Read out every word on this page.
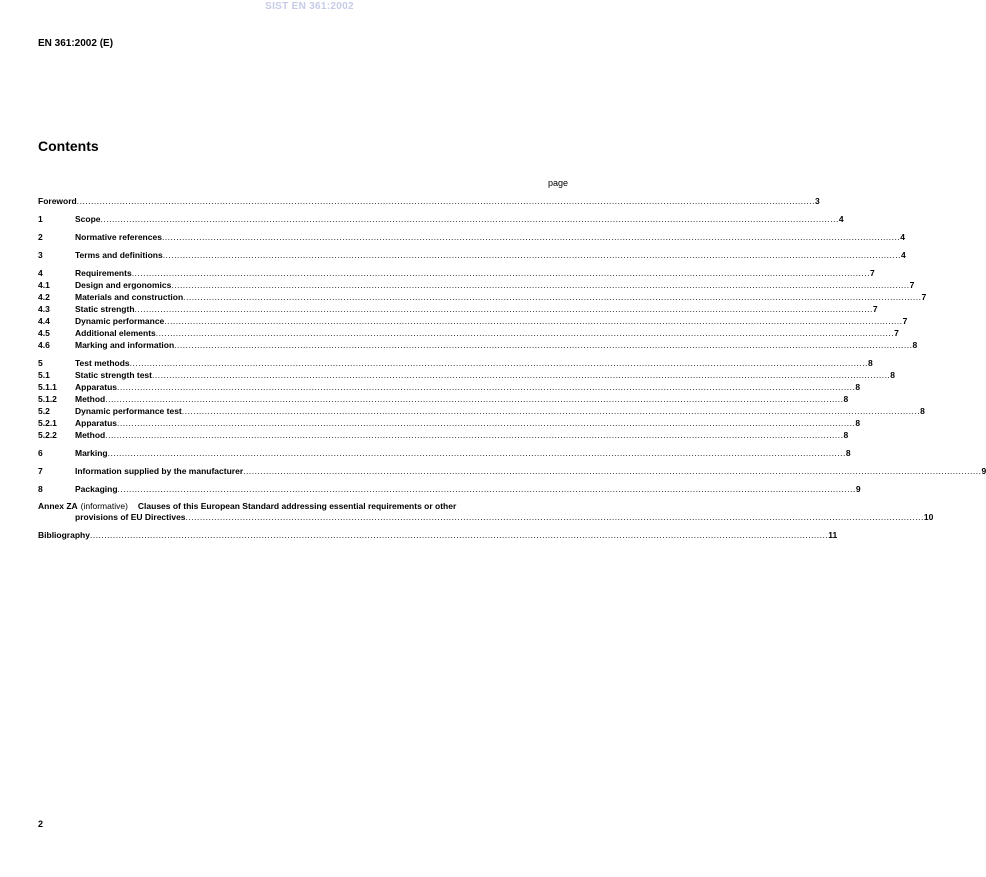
SIST EN 361:2002
EN 361:2002 (E)
Contents
page
Foreword .....	3
1	Scope .....	4
2	Normative references .....	4
3	Terms and definitions .....	4
4	Requirements .....	7
4.1	Design and ergonomics .....	7
4.2	Materials and construction .....	7
4.3	Static strength .....	7
4.4	Dynamic performance .....	7
4.5	Additional elements .....	7
4.6	Marking and information .....	8
5	Test methods .....	8
5.1	Static strength test .....	8
5.1.1	Apparatus .....	8
5.1.2	Method .....	8
5.2	Dynamic performance test .....	8
5.2.1	Apparatus .....	8
5.2.2	Method .....	8
6	Marking .....	8
7	Information supplied by the manufacturer .....	9
8	Packaging .....	9
Annex ZA (informative) Clauses of this European Standard addressing essential requirements or other
provisions of EU Directives .....	10
Bibliography .....	11
2
